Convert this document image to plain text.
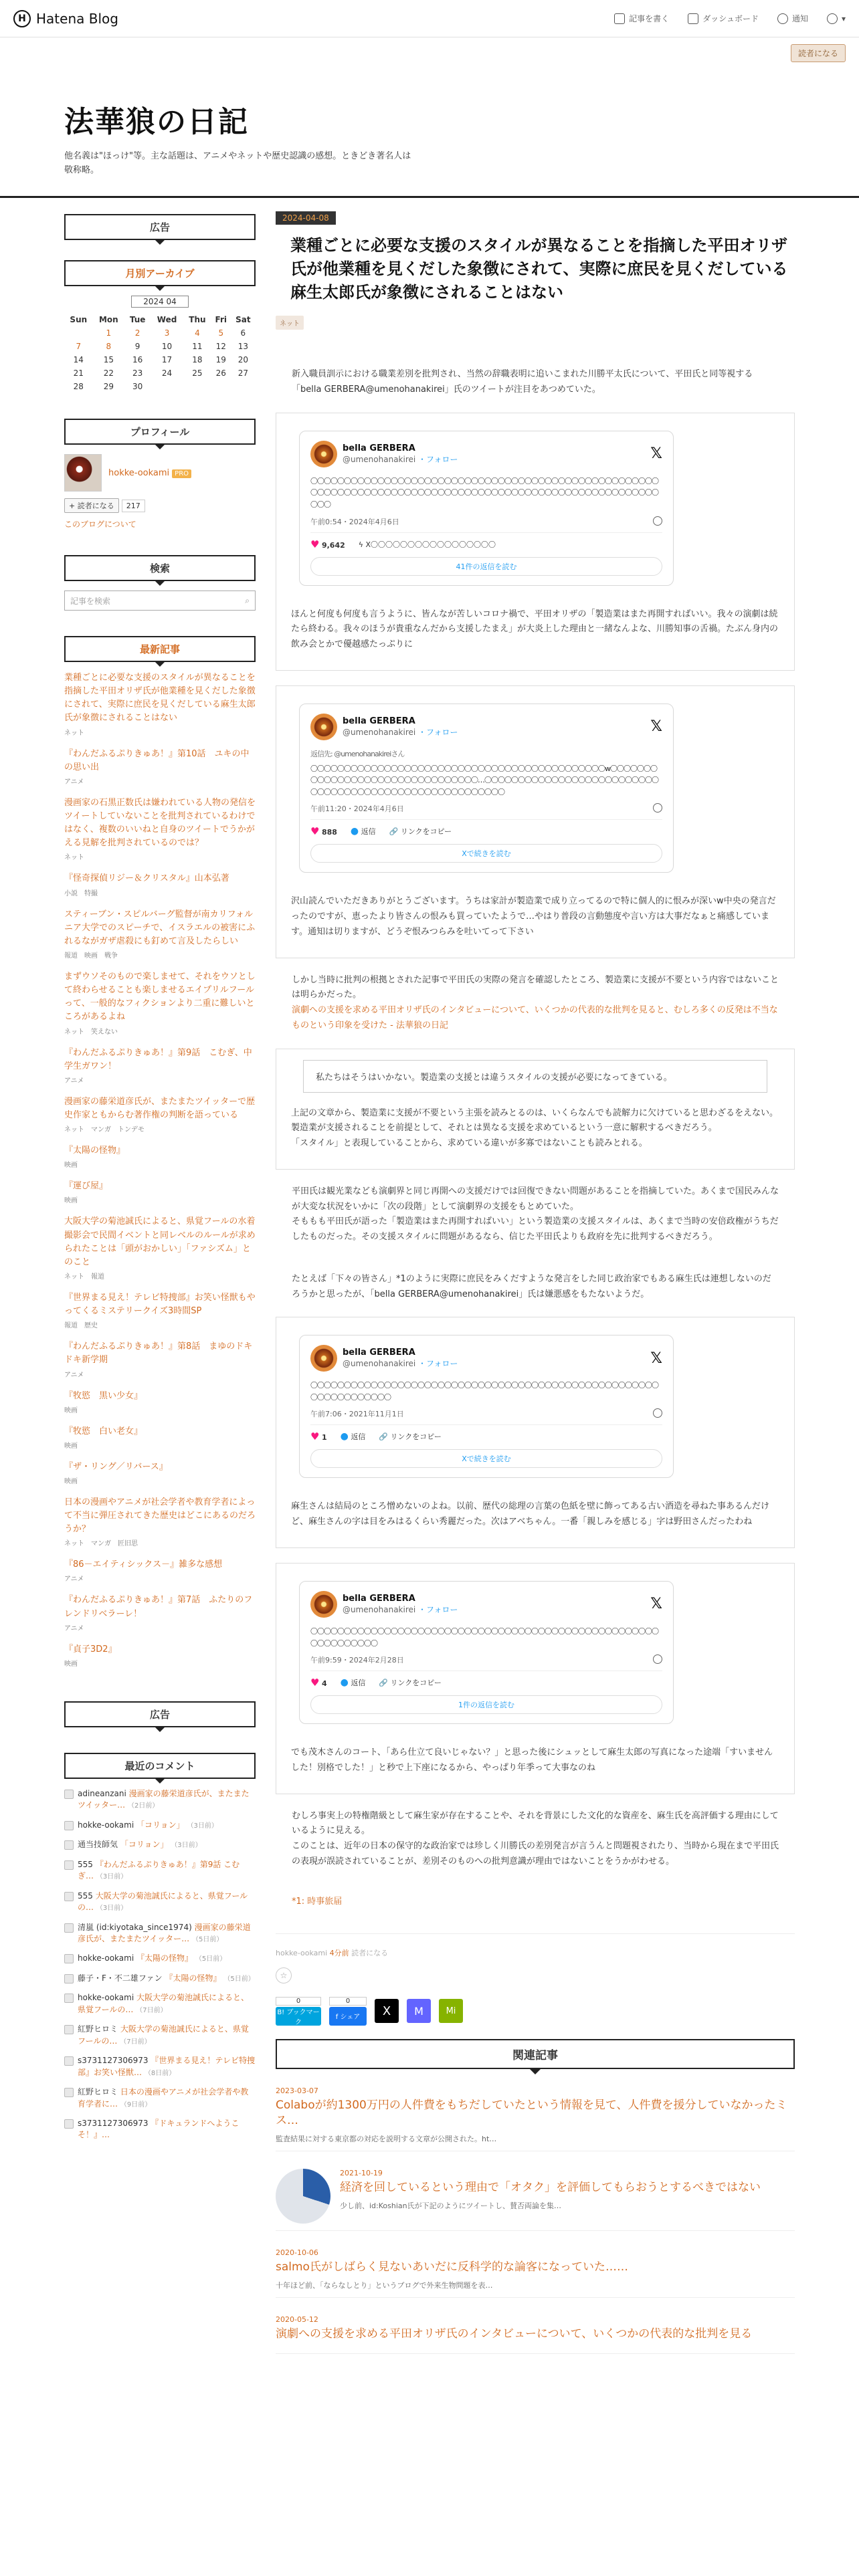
H Hatena Blog	記事を書く	ダッシュボード	通知	▾
読者になる
法華狼の日記
他名義は"ほっけ"等。主な話題は、アニメやネットや歴史認識の感想。ときどき著名人は敬称略。
広告
月別アーカイブ
2024 04
Sun	Mon	Tue	Wed	Thu	Fri	Sat
	1	2	3	4	5	6
7	8	9	10	11	12	13
14	15	16	17	18	19	20
21	22	23	24	25	26	27
28	29	30				
プロフィール
hokke-ookami PRO
+ 読者になる	217
このブログについて
検索
記事を検索	⌕
最新記事
業種ごとに必要な支援のスタイルが異なることを指摘した平田オリザ氏が他業種を見くだした象徴にされて、実際に庶民を見くだしている麻生太郎氏が象徴にされることはない
ネット
『わんだふるぷりきゅあ！』第10話　ユキの中の思い出
アニメ
漫画家の石黒正数氏は嫌われている人物の発信をツイートしていないことを批判されているわけではなく、複数のいいねと自身のツイートでうかがえる見解を批判されているのでは？
ネット
『怪奇探偵リジー＆クリスタル』山本弘著
小説　特撮
スティーブン・スピルバーグ監督が南カリフォルニア大学でのスピーチで、イスラエルの被害にふれるながガザ虐殺にも釘めて言及したらしい
報道　映画　戦争
まずウソそのもので楽しませて、それをウソとして終わらせることも楽しませるエイプリルフールって、一般的なフィクションより二重に難しいところがあるよね
ネット　笑えない
『わんだふるぷりきゅあ！』第9話　こむぎ、中学生ガワン！
アニメ
漫画家の藤栄道彦氏が、またまたツイッターで歴史作家ともからむ著作権の判断を語っている
ネット　マンガ　トンデモ
『太陽の怪物』
映画
『運び屋』
映画
大阪大学の菊池誠氏によると、県覚フールの水着撮影会で民間イベントと同レベルのルールが求められたことは「頭がおかしい」「ファシズム」とのこと
ネット　報道
『世界まる見え！テレビ特捜部』お笑い怪獣もやってくるミステリークイズ3時間SP
報道　歴史
『わんだふるぷりきゅあ！』第8話　まゆのドキドキ新学期
アニメ
『牧慾　黒い少女』
映画
『牧慾　白い老女』
映画
『ザ・リング／リバース』
映画
日本の漫画やアニメが社会学者や教育学者によって不当に弾圧されてきた歴史はどこにあるのだろうか？
ネット　マンガ　匠旧思
『86－エイティシックス－』雑多な感想
アニメ
『わんだふるぷりきゅあ！』第7話　ふたりのフレンドリベラーレ！
アニメ
『貞子3D2』
映画
広告
最近のコメント
adineanzani 漫画家の藤栄道彦氏が、またまたツイッター… （2日前）
hokke-ookami 「コリョン」 （3日前）
通当技師気 「コリョン」 （3日前）
555 『わんだふるぷりきゅあ！』第9話 こむぎ… （3日前）
555 大阪大学の菊池誠氏によると、県覚フールの… （3日前）
清嵐 (id:kiyotaka_since1974) 漫画家の藤栄道彦氏が、またまたツイッター… （5日前）
hokke-ookami 『太陽の怪物』 （5日前）
藤子・F・不二雄ファン 『太陽の怪物』 （5日前）
hokke-ookami 大阪大学の菊池誠氏によると、県覚フールの… （7日前）
紅野ヒロミ 大阪大学の菊池誠氏によると、県覚フールの… （7日前）
s3731127306973 『世界まる見え！テレビ特捜部』お笑い怪獣… （8日前）
紅野ヒロミ 日本の漫画やアニメが社会学者や教育学者に… （9日前）
s3731127306973 『ドキュランドへようこそ！』…
2024-04-08
業種ごとに必要な支援のスタイルが異なることを指摘した平田オリザ氏が他業種を見くだした象徴にされて、実際に庶民を見くだしている麻生太郎氏が象徴にされることはない
ネット
新入職員訓示における職業差別を批判され、当然の辞職表明に追いこまれた川勝平太氏について、平田氏と同等視する「bella GERBERA@umenohanakirei」氏のツイートが注目をあつめていた。
bella GERBERA
@umenohanakirei ・フォロー	𝕏
〇〇〇〇〇〇〇〇〇〇〇〇〇〇〇〇〇〇〇〇〇〇〇〇〇〇〇〇〇〇〇〇〇〇〇〇〇〇〇〇〇〇〇〇〇〇〇〇〇〇〇〇〇〇〇〇〇〇〇〇〇〇〇〇〇〇〇〇〇〇〇〇〇〇〇〇〇〇〇〇〇〇〇〇〇〇〇〇〇〇〇〇〇〇〇〇〇〇〇〇〇〇〇〇〇〇〇
午前0:54・2024年4月6日
♥ 9,642 ϟ X〇〇〇〇〇〇〇〇〇〇〇〇〇〇〇〇〇
41件の返信を読む
ほんと何度も何度も言うように、皆んなが苦しいコロナ禍で、平田オリザの「製造業はまた再開すればいい。我々の演劇は続たら終わる。我々のほうが貴重なんだから支援したまえ」が大炎上した理由と一緒なんよな、川勝知事の舌禍。たぶん身内の飲み会とかで優越感たっぷりに
bella GERBERA
@umenohanakirei ・フォロー	𝕏
返信先: @umenohanakireiさん
〇〇〇〇〇〇〇〇〇〇〇〇〇〇〇〇〇〇〇〇〇〇〇〇〇〇〇〇〇〇〇〇〇〇〇〇〇〇〇〇〇〇〇〇w〇〇〇〇〇〇〇〇〇〇〇〇〇〇〇〇〇〇〇〇〇〇〇〇〇〇〇〇〇〇〇〇…〇〇〇〇〇〇〇〇〇〇〇〇〇〇〇〇〇〇〇〇〇〇〇〇〇〇〇〇〇〇〇〇〇〇〇〇〇〇〇〇〇〇〇〇〇〇〇〇〇〇〇〇〇〇〇
午前11:20・2024年4月6日
♥ 888 ● 返信 🔗 リンクをコピー
Xで続きを読む
沢山読んでいただきありがとうございます。うちは家計が製造業で成り立ってるので特に個人的に恨みが深いw中央の発言だったのですが、恵ったより皆さんの恨みも買っていたようで…やはり普段の言動態度や言い方は大事だなぁと痛感しています。通知は切りますが、どうぞ恨みつらみを吐いてって下さい
しかし当時に批判の根拠とされた記事で平田氏の実際の発言を確認したところ、製造業に支援が不要という内容ではないことは明らかだった。
演劇への支援を求める平田オリザ氏のインタビューについて、いくつかの代表的な批判を見ると、むしろ多くの反発は不当なものという印象を受けた - 法華狼の日記
私たちはそうはいかない。製造業の支援とは違うスタイルの支援が必要になってきている。
上記の文章から、製造業に支援が不要という主張を読みとるのは、いくらなんでも読解力に欠けていると思わざるをえない。
製造業が支援されることを前提として、それとは異なる支援を求めているという一意に解釈するべきだろう。
「スタイル」と表現していることから、求めている違いが多寡ではないことも読みとれる。
平田氏は観光業なども演劇界と同じ再開への支援だけでは回復できない問題があることを指摘していた。あくまで国民みんなが大変な状況をいかに「次の段階」として演劇界の支援をもとめていた。
そももも平田氏が語った「製造業はまた再開すればいい」という製造業の支援スタイルは、あくまで当時の安倍政権がうちだしたものだった。その支援スタイルに問題があるなら、信じた平田氏よりも政府を先に批判するべきだろう。
たとえば「下々の皆さん」*1のように実際に庶民をみくだすような発言をした同じ政治家でもある麻生氏は連想しないのだろうかと思ったが、「bella GERBERA@umenohanakirei」氏は嫌悪感をもたないようだ。
bella GERBERA
@umenohanakirei ・フォロー	𝕏
〇〇〇〇〇〇〇〇〇〇〇〇〇〇〇〇〇〇〇〇〇〇〇〇〇〇〇〇〇〇〇〇〇〇〇〇〇〇〇〇〇〇〇〇〇〇〇〇〇〇〇〇〇〇〇〇〇〇〇〇〇〇〇〇
午前7:06・2021年11月1日
♥ 1 ● 返信 🔗 リンクをコピー
Xで続きを読む
麻生さんは結局のところ憎めないのよね。以前、歴代の総理の言葉の色紙を壁に飾ってある古い酒造を尋ねた事あるんだけど、麻生さんの字は目をみはるくらい秀麗だった。次はアベちゃん。一番「親しみを感じる」字は野田さんだったわね
bella GERBERA
@umenohanakirei ・フォロー	𝕏
〇〇〇〇〇〇〇〇〇〇〇〇〇〇〇〇〇〇〇〇〇〇〇〇〇〇〇〇〇〇〇〇〇〇〇〇〇〇〇〇〇〇〇〇〇〇〇〇〇〇〇〇〇〇〇〇〇〇〇〇〇〇
午前9:59・2024年2月28日
♥ 4 ● 返信 🔗 リンクをコピー
1件の返信を読む
でも茂木さんのコート、「あら仕立て良いじゃない？」と思った後にシュッとして麻生太郎の写真になった途端「すいませんした！別格でした！」と秒で上下座になるから、やっぱり年季って大事なのね
むしろ事実上の特権階級として麻生家が存在することや、それを背景にした文化的な資産を、麻生氏を高評価する理由にしているように見える。
このことは、近年の日本の保守的な政治家では珍しく川勝氏の差別発言が言うんと問題視されたり、当時から現在まで平田氏の表現が誤読されていることが、差別そのものへの批判意識が理由ではないことをうかがわせる。
*1: 時事旅届
hokke-ookami 4分前 読者になる
☆
0
B! ブックマーク
0
f シェア	X M	Mi
関連記事
2023-03-07
Colaboが約1300万円の人件費をもちだしていたという情報を見て、人件費を援分していなかったミス…
監査結果に対する東京都の対応を説明する文章が公開された。ht…
2021-10-19
経済を回しているという理由で「オタク」を評価してもらおうとするべきではない
少し前、id:Koshian氏が下記のようにツイートし、賛否両論を集…
2020-10-06
salmo氏がしばらく見ないあいだに反科学的な論客になっていた……
十年ほど前、「ならなしとり」というブログで外来生物問題を表…
2020-05-12
演劇への支援を求める平田オリザ氏のインタビューについて、いくつかの代表的な批判を見る
